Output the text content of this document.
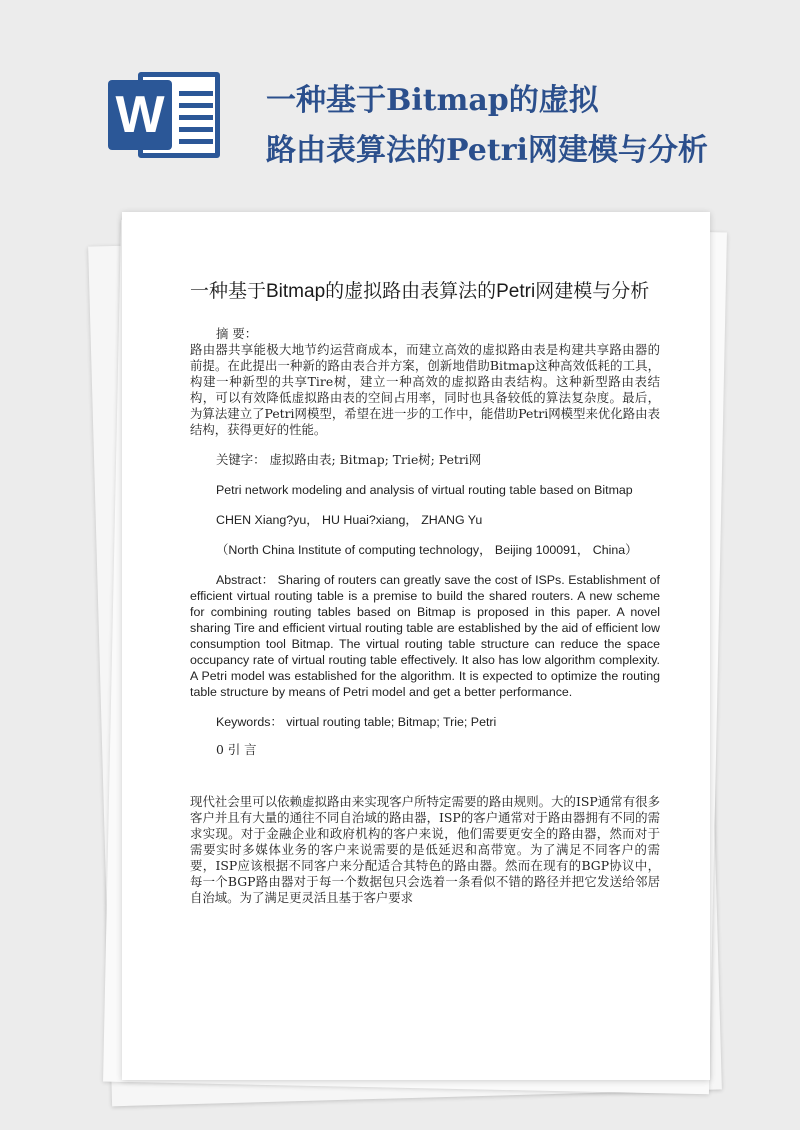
W	一种基于Bitmap的虚拟
路由表算法的Petri网建模与分析
一种基于Bitmap的虚拟路由表算法的Petri网建模与分析

摘 要：

路由器共享能极大地节约运营商成本，而建立高效的虚拟路由表是构建共享路由器的前提。在此提出一种新的路由表合并方案，创新地借助Bitmap这种高效低耗的工具，构建一种新型的共享Tire树，建立一种高效的虚拟路由表结构。这种新型路由表结构，可以有效降低虚拟路由表的空间占用率，同时也具备较低的算法复杂度。最后，为算法建立了Petri网模型，希望在进一步的工作中，能借助Petri网模型来优化路由表结构，获得更好的性能。

关键字： 虚拟路由表; Bitmap; Trie树; Petri网

Petri network modeling and analysis of virtual routing table based on Bitmap

CHEN Xiang?yu， HU Huai?xiang， ZHANG Yu

（North China Institute of computing technology， Beijing 100091， China）

Abstract： Sharing of routers can greatly save the cost of ISPs. Establishment of efficient virtual routing table is a premise to build the shared routers. A new scheme for combining routing tables based on Bitmap is proposed in this paper. A novel sharing Tire and efficient virtual routing table are established by the aid of efficient low consumption tool Bitmap. The virtual routing table structure can reduce the space occupancy rate of virtual routing table effectively. It also has low algorithm complexity. A Petri model was established for the algorithm. It is expected to optimize the routing table structure by means of Petri model and get a better performance.

Keywords： virtual routing table; Bitmap; Trie; Petri

0 引 言

现代社会里可以依赖虚拟路由来实现客户所特定需要的路由规则。大的ISP通常有很多客户并且有大量的通往不同自治域的路由器，ISP的客户通常对于路由器拥有不同的需求实现。对于金融企业和政府机构的客户来说，他们需要更安全的路由器，然而对于需要实时多媒体业务的客户来说需要的是低延迟和高带宽。为了满足不同客户的需要，ISP应该根据不同客户来分配适合其特色的路由器。然而在现有的BGP协议中，每一个BGP路由器对于每一个数据包只会选着一条看似不错的路径并把它发送给邻居自治域。为了满足更灵活且基于客户要求
